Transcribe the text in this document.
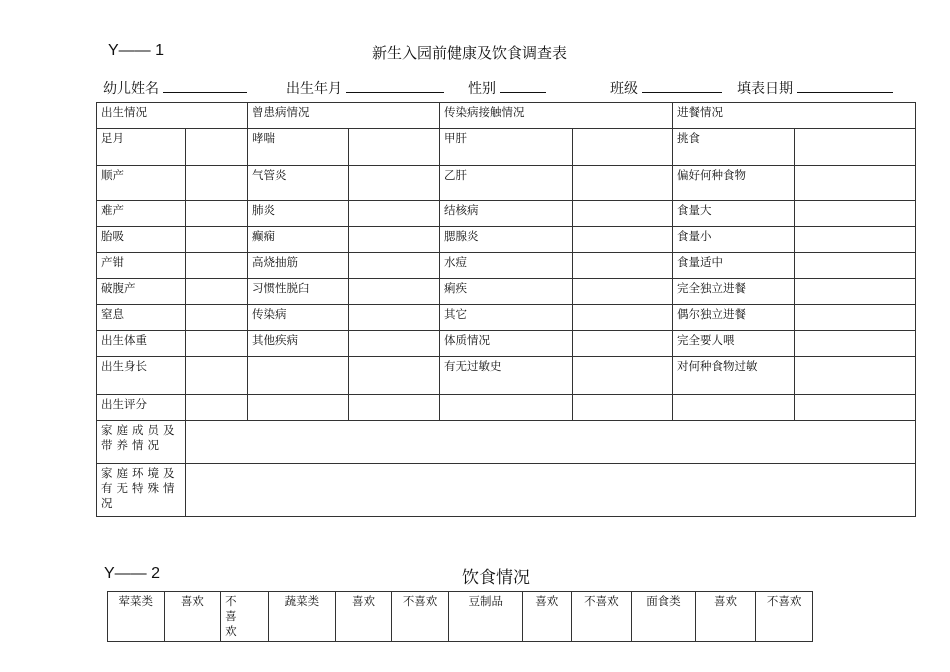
Y—— 1	新生入园前健康及饮食调查表
幼儿姓名	出生年月	性别	班级	填表日期
出生情况		曾患病情况		传染病接触情况		进餐情况	
足月		哮喘		甲肝		挑食	
顺产		气管炎		乙肝		偏好何种食物	
难产		肺炎		结核病		食量大	
胎吸		癫痫		腮腺炎		食量小	
产钳		高烧抽筋		水痘		食量适中	
破腹产		习惯性脱臼		痢疾		完全独立进餐	
窒息		传染病		其它		偶尔独立进餐	
出生体重		其他疾病		体质情况		完全要人喂	
出生身长				有无过敏史		对何种食物过敏	
出生评分							
家庭成员及带养情况							
家庭环境及有无特殊情况							
Y—— 2	饮食情况
荤菜类	喜欢	不喜欢	蔬菜类	喜欢	不喜欢	豆制品	喜欢	不喜欢	面食类	喜欢	不喜欢
